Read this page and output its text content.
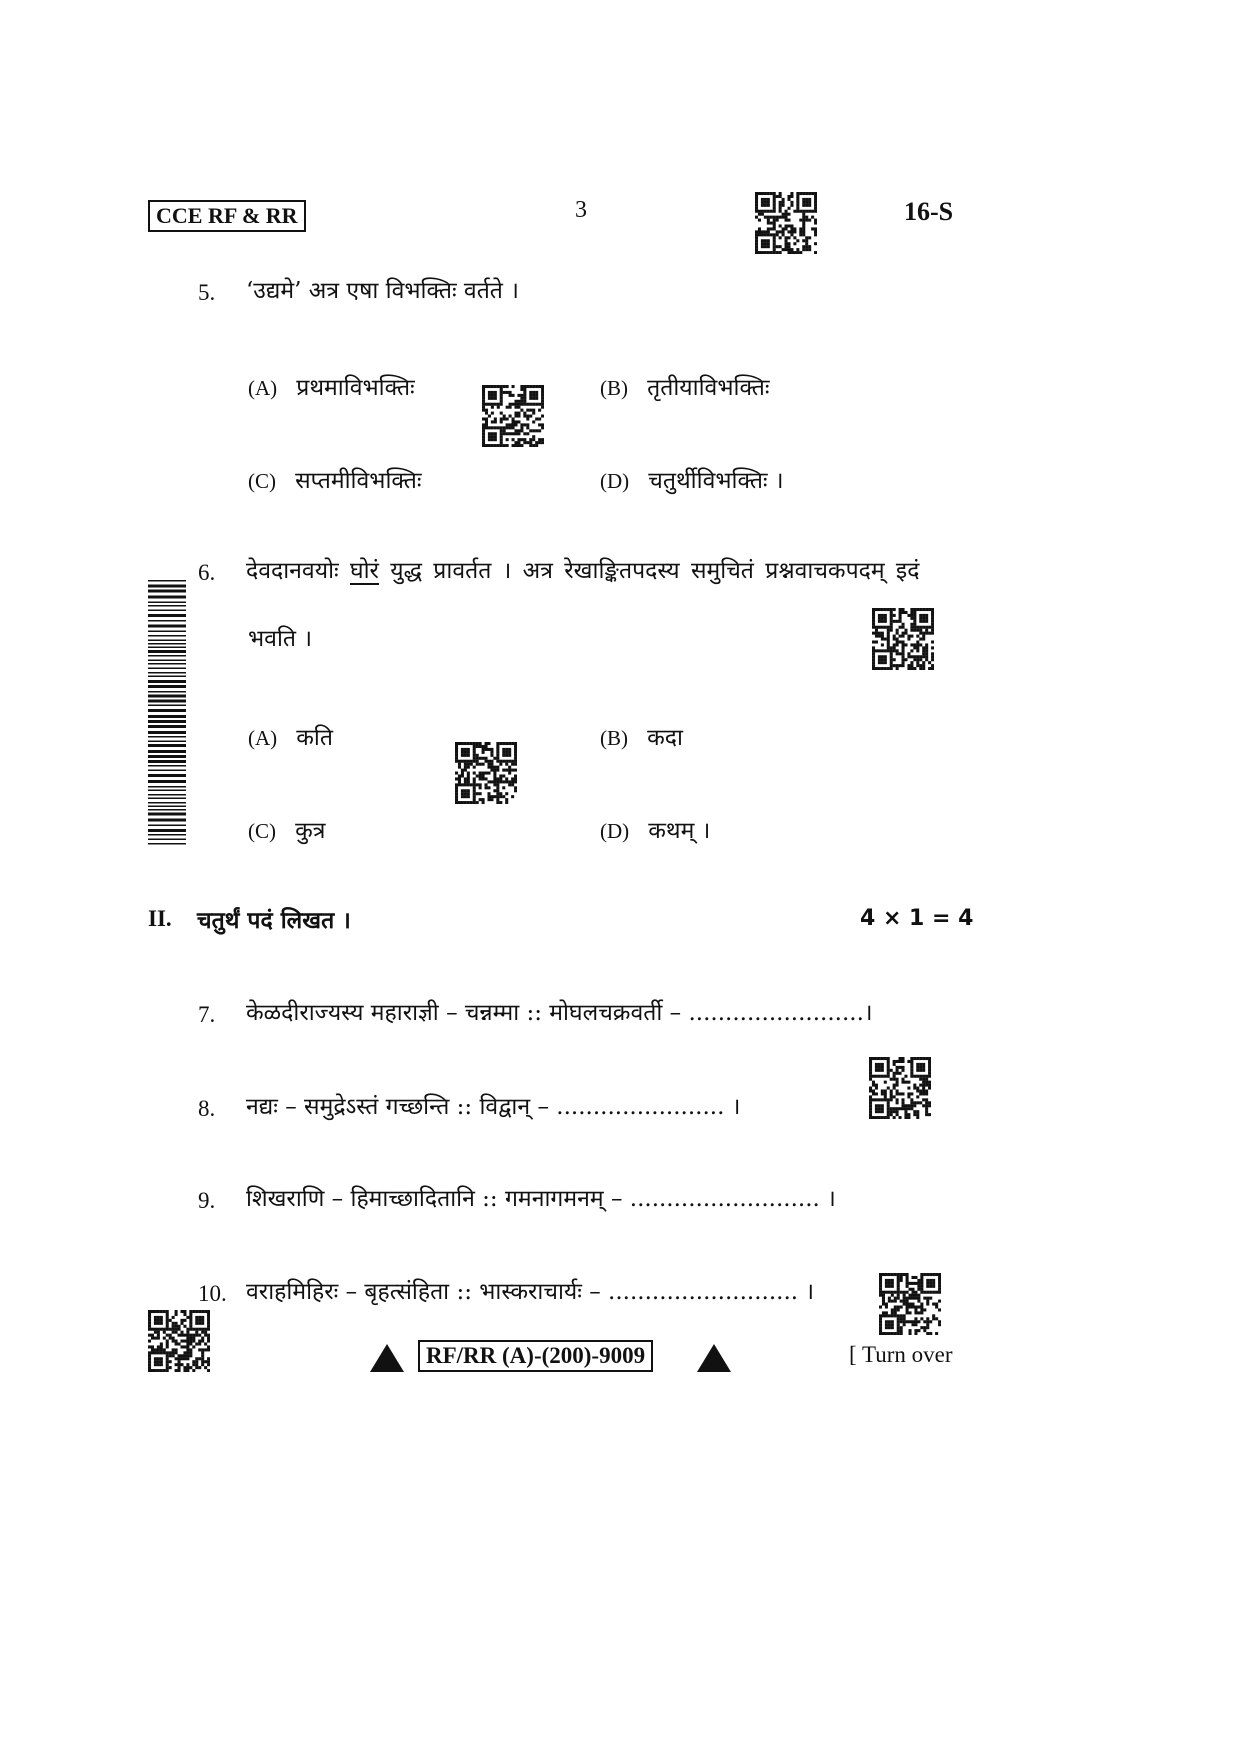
CCE RF & RR	3	16-S
5. ‘उद्यमे’ अत्र एषा विभक्तिः वर्तते ।
(A) प्रथमाविभक्तिः	(B) तृतीयाविभक्तिः
(C) सप्तमीविभक्तिः	(D) चतुर्थीविभक्तिः ।
6. देवदानवयोः घोरं युद्ध प्रावर्तत । अत्र रेखाङ्कितपदस्य समुचितं प्रश्नवाचकपदम् इदं
भवति ।
(A) कति	(B) कदा
(C) कुत्र	(D) कथम् ।
II. चतुर्थं पदं लिखत ।	4 × 1 = 4
7. केळदीराज्यस्य महाराज्ञी – चन्नम्मा :: मोघलचक्रवर्ती – ........................।
8. नद्यः – समुद्रेऽस्तं गच्छन्ति :: विद्वान् – ....................... ।
9. शिखराणि – हिमाच्छादितानि :: गमनागमनम् – .......................... ।
10. वराहमिहिरः – बृहत्संहिता :: भास्कराचार्यः – .......................... ।
RF/RR (A)-(200)-9009	[ Turn over
